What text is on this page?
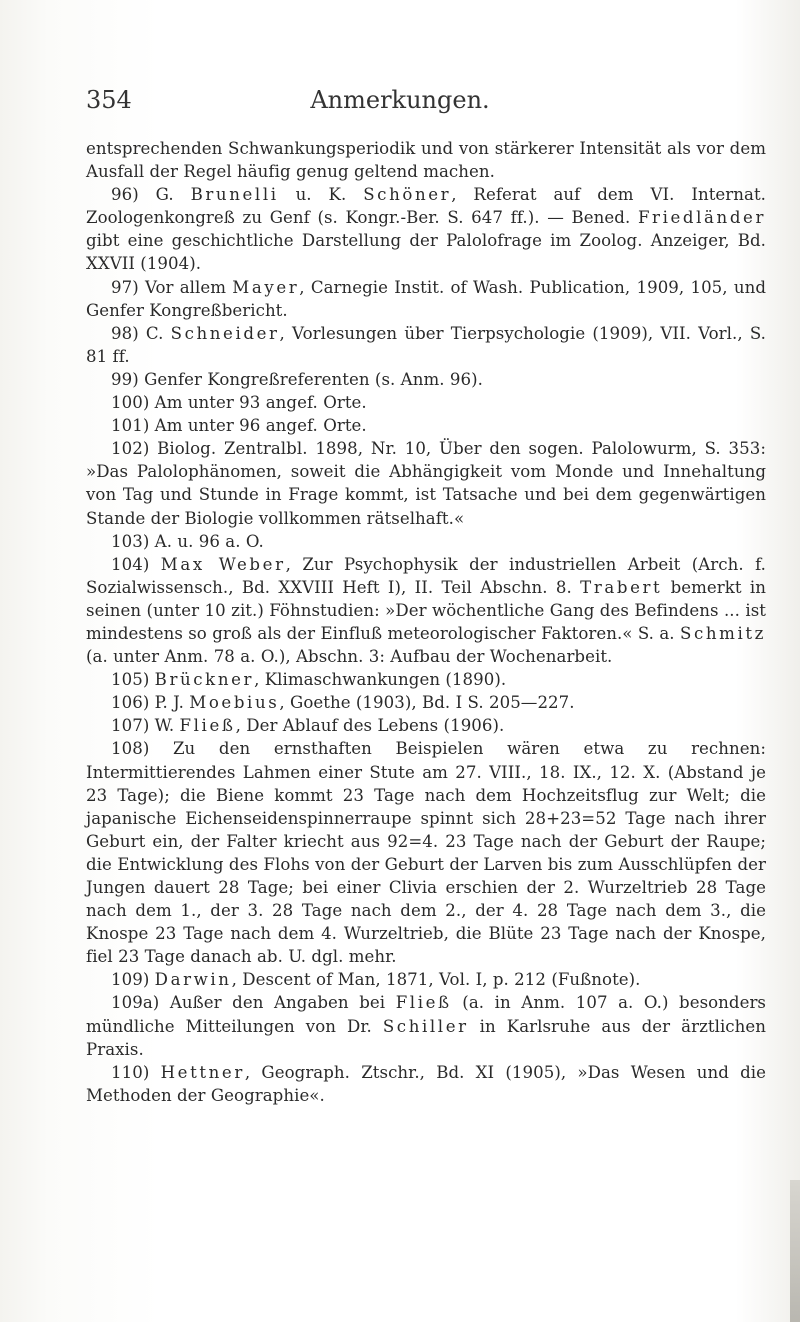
354	Anmerkungen.

entsprechenden Schwankungsperiodik und von stärkerer Intensität als vor dem Ausfall der Regel häufig genug geltend machen.

96) G. Brunelli u. K. Schöner, Referat auf dem VI. Internat. Zoologenkongreß zu Genf (s. Kongr.-Ber. S. 647 ff.). — Bened. Friedländer gibt eine geschichtliche Darstellung der Palolofrage im Zoolog. Anzeiger, Bd. XXVII (1904).

97) Vor allem Mayer, Carnegie Instit. of Wash. Publication, 1909, 105, und Genfer Kongreßbericht.

98) C. Schneider, Vorlesungen über Tierpsychologie (1909), VII. Vorl., S. 81 ff.

99) Genfer Kongreßreferenten (s. Anm. 96).

100) Am unter 93 angef. Orte.

101) Am unter 96 angef. Orte.

102) Biolog. Zentralbl. 1898, Nr. 10, Über den sogen. Palolowurm, S. 353: »Das Palolophänomen, soweit die Abhängigkeit vom Monde und Innehaltung von Tag und Stunde in Frage kommt, ist Tatsache und bei dem gegenwärtigen Stande der Biologie vollkommen rätselhaft.«

103) A. u. 96 a. O.

104) Max Weber, Zur Psychophysik der industriellen Arbeit (Arch. f. Sozialwissensch., Bd. XXVIII Heft I), II. Teil Abschn. 8. Trabert bemerkt in seinen (unter 10 zit.) Föhnstudien: »Der wöchentliche Gang des Befindens ... ist mindestens so groß als der Einfluß meteorologischer Faktoren.« S. a. Schmitz (a. unter Anm. 78 a. O.), Abschn. 3: Aufbau der Wochenarbeit.

105) Brückner, Klimaschwankungen (1890).

106) P. J. Moebius, Goethe (1903), Bd. I S. 205—227.

107) W. Fließ, Der Ablauf des Lebens (1906).

108) Zu den ernsthaften Beispielen wären etwa zu rechnen: Intermittierendes Lahmen einer Stute am 27. VIII., 18. IX., 12. X. (Abstand je 23 Tage); die Biene kommt 23 Tage nach dem Hochzeitsflug zur Welt; die japanische Eichenseidenspinnerraupe spinnt sich 28+23=52 Tage nach ihrer Geburt ein, der Falter kriecht aus 92=4. 23 Tage nach der Geburt der Raupe; die Entwicklung des Flohs von der Geburt der Larven bis zum Ausschlüpfen der Jungen dauert 28 Tage; bei einer Clivia erschien der 2. Wurzeltrieb 28 Tage nach dem 1., der 3. 28 Tage nach dem 2., der 4. 28 Tage nach dem 3., die Knospe 23 Tage nach dem 4. Wurzeltrieb, die Blüte 23 Tage nach der Knospe, fiel 23 Tage danach ab. U. dgl. mehr.

109) Darwin, Descent of Man, 1871, Vol. I, p. 212 (Fußnote).

109a) Außer den Angaben bei Fließ (a. in Anm. 107 a. O.) besonders mündliche Mitteilungen von Dr. Schiller in Karlsruhe aus der ärztlichen Praxis.

110) Hettner, Geograph. Ztschr., Bd. XI (1905), »Das Wesen und die Methoden der Geographie«.
